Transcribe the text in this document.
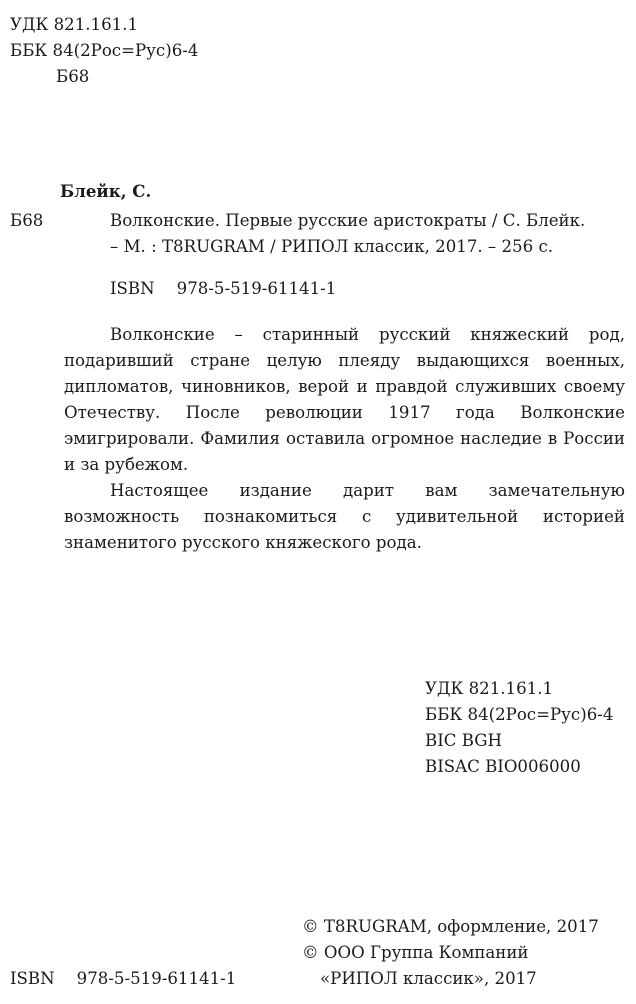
УДК 821.161.1
ББК 84(2Рос=Рус)6-4
Б68
Блейк, С.
Б68	Волконские. Первые русские аристократы / С. Блейк.
– М. : T8RUGRAM / РИПОЛ классик, 2017. – 256 с.
ISBN 978-5-519-61141-1

Волконские – старинный русский княжеский род, подаривший стране целую плеяду выдающихся военных, дипломатов, чиновников, верой и правдой служивших своему Отечеству. После революции 1917 года Волконские эмигрировали. Фамилия оставила огромное наследие в России и за рубежом.

Настоящее издание дарит вам замечательную возможность познакомиться с удивительной историей знаменитого русского княжеского рода.

УДК 821.161.1
ББК 84(2Рос=Рус)6-4
BIC BGH
BISAC BIO006000
© T8RUGRAM, оформление, 2017
© ООО Группа Компаний
«РИПОЛ классик», 2017
ISBN 978-5-519-61141-1
